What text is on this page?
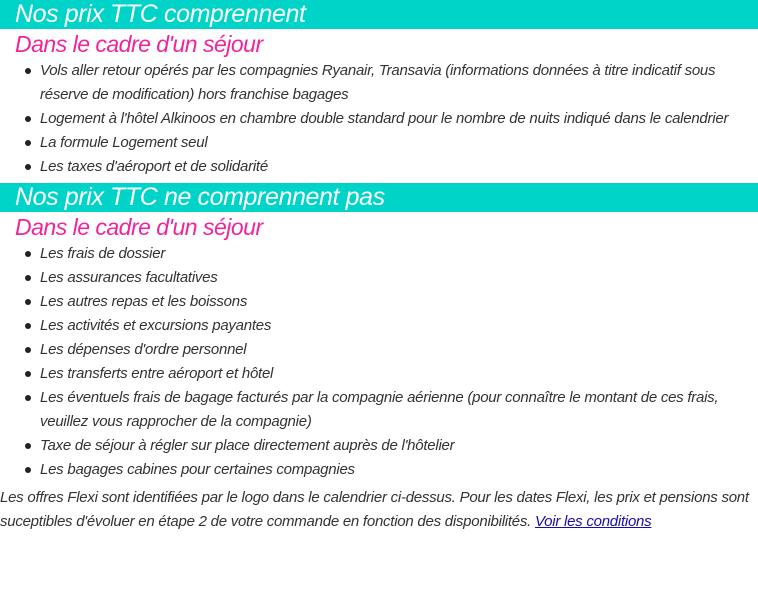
Nos prix TTC comprennent
Dans le cadre d'un séjour
Vols aller retour opérés par les compagnies Ryanair, Transavia (informations données à titre indicatif sous réserve de modification) hors franchise bagages
Logement à l'hôtel Alkinoos en chambre double standard pour le nombre de nuits indiqué dans le calendrier
La formule Logement seul
Les taxes d'aéroport et de solidarité
Nos prix TTC ne comprennent pas
Dans le cadre d'un séjour
Les frais de dossier
Les assurances facultatives
Les autres repas et les boissons
Les activités et excursions payantes
Les dépenses d'ordre personnel
Les transferts entre aéroport et hôtel
Les éventuels frais de bagage facturés par la compagnie aérienne (pour connaître le montant de ces frais, veuillez vous rapprocher de la compagnie)
Taxe de séjour à régler sur place directement auprès de l'hôtelier
Les bagages cabines pour certaines compagnies

Les offres Flexi sont identifiées par le logo dans le calendrier ci-dessus. Pour les dates Flexi, les prix et pensions sont suceptibles d'évoluer en étape 2 de votre commande en fonction des disponibilités. Voir les conditions
